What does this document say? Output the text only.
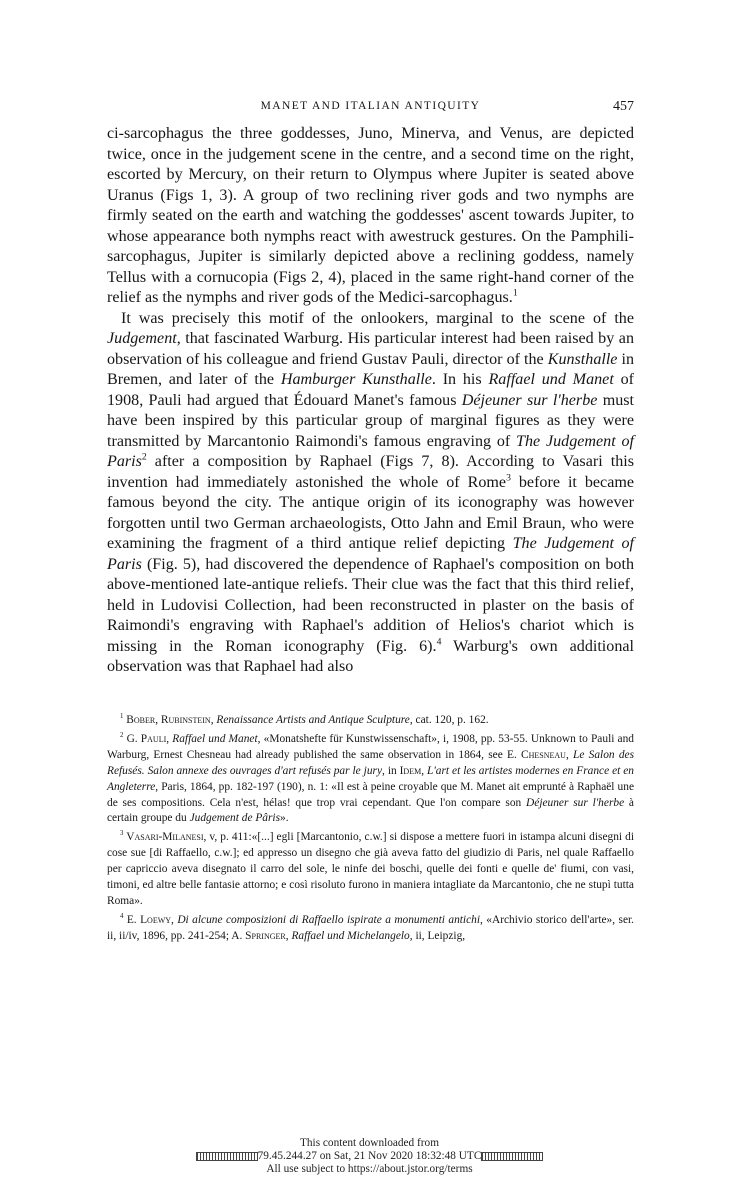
MANET AND ITALIAN ANTIQUITY	457

ci-sarcophagus the three goddesses, Juno, Minerva, and Venus, are depicted twice, once in the judgement scene in the centre, and a second time on the right, escorted by Mercury, on their return to Olympus where Jupiter is seated above Uranus (Figs 1, 3). A group of two reclining river gods and two nymphs are firmly seated on the earth and watching the goddesses' ascent towards Jupiter, to whose appearance both nymphs react with awestruck gestures. On the Pamphili-sarcophagus, Jupiter is similarly depicted above a reclining goddess, namely Tellus with a cornucopia (Figs 2, 4), placed in the same right-hand corner of the relief as the nymphs and river gods of the Medici-sarcophagus.$^1$

It was precisely this motif of the onlookers, marginal to the scene of the Judgement, that fascinated Warburg. His particular interest had been raised by an observation of his colleague and friend Gustav Pauli, director of the Kunsthalle in Bremen, and later of the Hamburger Kunsthalle. In his Raffael und Manet of 1908, Pauli had argued that Édouard Manet's famous Déjeuner sur l'herbe must have been inspired by this particular group of marginal figures as they were transmitted by Marcantonio Raimondi's famous engraving of The Judgement of Paris$^2$ after a composition by Raphael (Figs 7, 8). According to Vasari this invention had immediately astonished the whole of Rome$^3$ before it became famous beyond the city. The antique origin of its iconography was however forgotten until two German archaeologists, Otto Jahn and Emil Braun, who were examining the fragment of a third antique relief depicting The Judgement of Paris (Fig. 5), had discovered the dependence of Raphael's composition on both above-mentioned late-antique reliefs. Their clue was the fact that this third relief, held in Ludovisi Collection, had been reconstructed in plaster on the basis of Raimondi's engraving with Raphael's addition of Helios's chariot which is missing in the Roman iconography (Fig. 6).$^4$ Warburg's own additional observation was that Raphael had also

$^1$ Bober, Rubinstein, Renaissance Artists and Antique Sculpture, cat. 120, p. 162.

$^2$ G. Pauli, Raffael und Manet, «Monatshefte für Kunstwissenschaft», i, 1908, pp. 53-55. Unknown to Pauli and Warburg, Ernest Chesneau had already published the same observation in 1864, see E. Chesneau, Le Salon des Refusés. Salon annexe des ouvrages d'art refusés par le jury, in Idem, L'art et les artistes modernes en France et en Angleterre, Paris, 1864, pp. 182-197 (190), n. 1: «Il est à peine croyable que M. Manet ait emprunté à Raphaël une de ses compositions. Cela n'est, hélas! que trop vrai cependant. Que l'on compare son Déjeuner sur l'herbe à certain groupe du Judgement de Pâris».

$^3$ Vasari-Milanesi, v, p. 411:«[...] egli [Marcantonio, c.w.] si dispose a mettere fuori in istampa alcuni disegni di cose sue [di Raffaello, c.w.]; ed appresso un disegno che già aveva fatto del giudizio di Paris, nel quale Raffaello per capriccio aveva disegnato il carro del sole, le ninfe dei boschi, quelle dei fonti e quelle de' fiumi, con vasi, timoni, ed altre belle fantasie attorno; e così risoluto furono in maniera intagliate da Marcantonio, che ne stupì tutta Roma».

$^4$ E. Loewy, Di alcune composizioni di Raffaello ispirate a monumenti antichi, «Archivio storico dell'arte», ser. ii, ii/iv, 1896, pp. 241-254; A. Springer, Raffael und Michelangelo, ii, Leipzig,

This content downloaded from
79.45.244.27 on Sat, 21 Nov 2020 18:32:48 UTC
All use subject to https://about.jstor.org/terms
